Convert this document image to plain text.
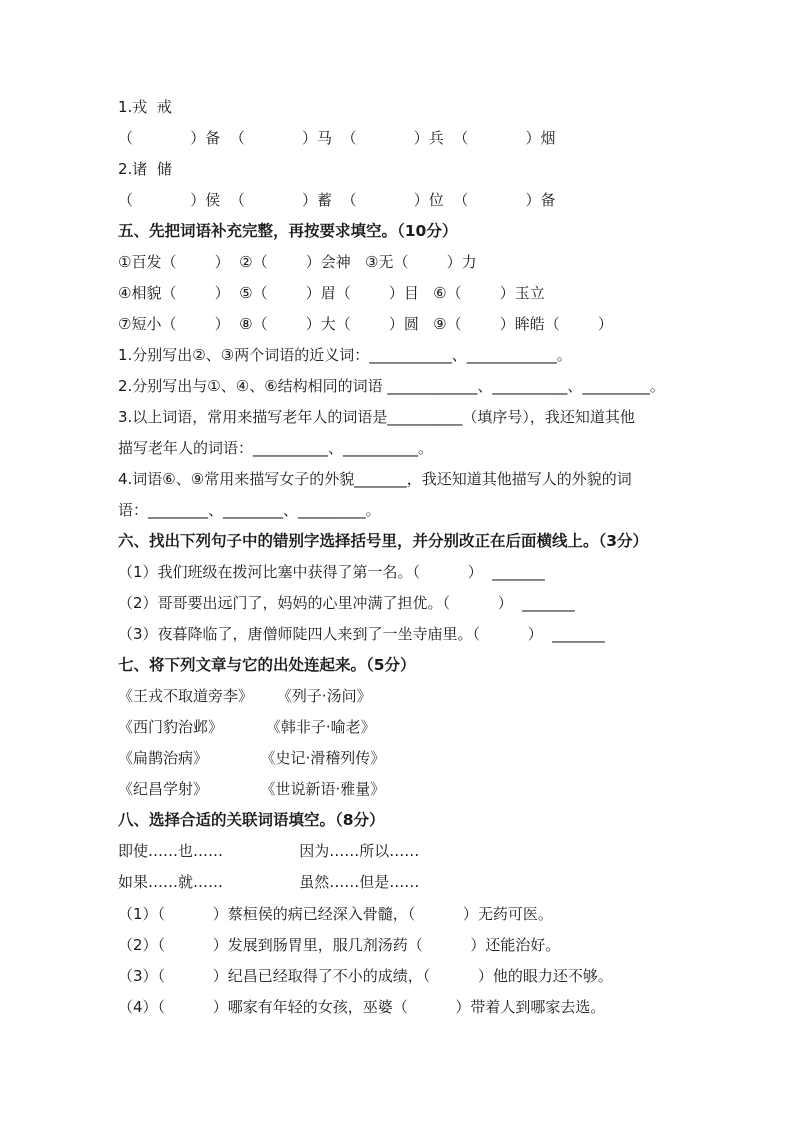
1.戎  戒
（            ）备  （            ）马  （            ）兵  （            ）烟
2.诸  储
（            ）侯  （            ）蓄  （            ）位  （            ）备
五、先把词语补充完整，再按要求填空。（10分）
①百发（        ）  ②（        ）会神   ③无（        ）力
④相貌（        ）  ⑤（        ）眉（        ）目   ⑥（        ）玉立
⑦短小（        ）  ⑧（        ）大（        ）圆   ⑨（        ）眸皓（        ）
1.分别写出②、③两个词语的近义词：___________、____________。
2.分别写出与①、④、⑥结构相同的词语 ____________、__________、_________。
3.以上词语，常用来描写老年人的词语是__________（填序号），我还知道其他
描写老年人的词语：__________、__________。
4.词语⑥、⑨常用来描写女子的外貌_______，我还知道其他描写人的外貌的词
语：________、________、_________。
六、找出下列句子中的错别字选择括号里，并分别改正在后面横线上。（3分）
（1）我们班级在拨河比塞中获得了第一名。（          ）  _______
（2）哥哥要出远门了，妈妈的心里冲满了担优。（          ）  _______
（3）夜暮降临了，唐僧师陡四人来到了一坐寺庙里。（          ）  _______
七、将下列文章与它的出处连起来。（5分）
《王戎不取道旁李》     《列子·汤问》
《西门豹治邺》         《韩非子·喻老》
《扁鹊治病》           《史记·滑稽列传》
《纪昌学射》           《世说新语·雅量》
八、选择合适的关联词语填空。（8分）
即使……也……                因为……所以……
如果……就……                虽然……但是……
（1）（          ）蔡桓侯的病已经深入骨髓，（          ）无药可医。
（2）（          ）发展到肠胃里，服几剂汤药（          ）还能治好。
（3）（          ）纪昌已经取得了不小的成绩，（          ）他的眼力还不够。
（4）（          ）哪家有年轻的女孩，巫婆（          ）带着人到哪家去选。
